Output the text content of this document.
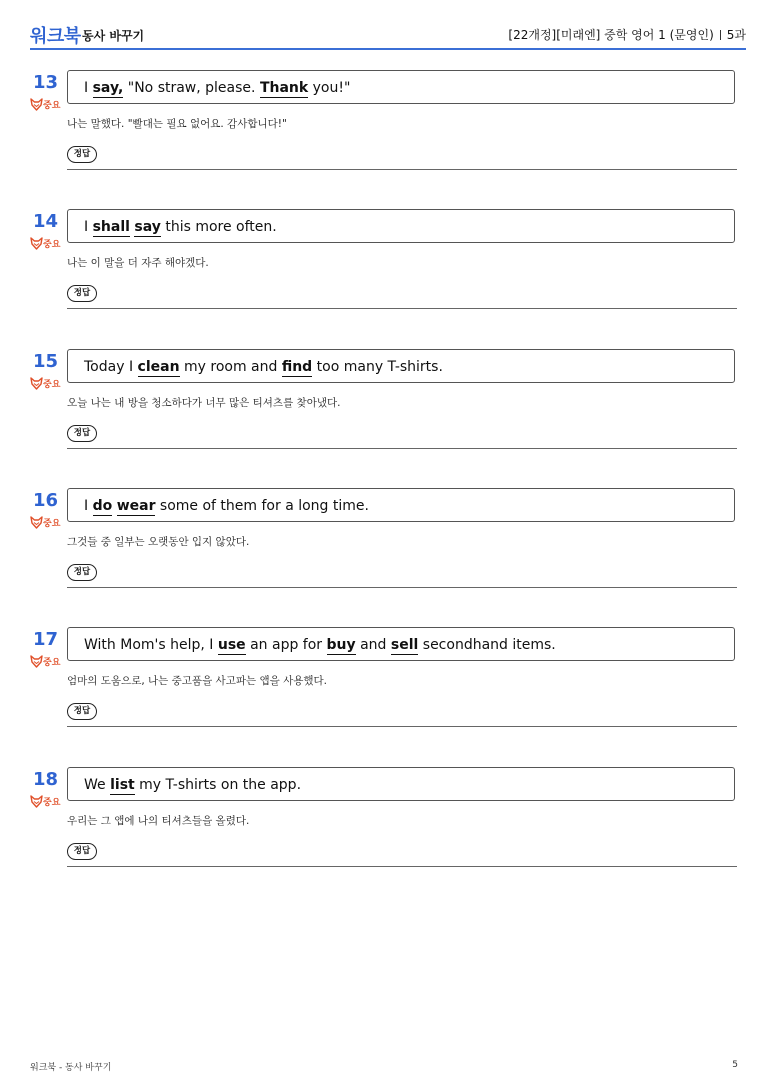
워크북 동사 바꾸기	[22개정][미래엔] 중학 영어 1 (문영인) 5과
13
중요
I say, "No straw, please. Thank you!"
나는 말했다. "빨대는 필요 없어요. 감사합니다!"
정답
14
중요
I shall say this more often.
나는 이 말을 더 자주 해야겠다.
정답
15
중요
Today I clean my room and find too many T-shirts.
오늘 나는 내 방을 청소하다가 너무 많은 티셔츠를 찾아냈다.
정답
16
중요
I do wear some of them for a long time.
그것들 중 일부는 오랫동안 입지 않았다.
정답
17
중요
With Mom's help, I use an app for buy and sell secondhand items.
엄마의 도움으로, 나는 중고품을 사고파는 앱을 사용했다.
정답
18
중요
We list my T-shirts on the app.
우리는 그 앱에 나의 티셔츠들을 올렸다.
정답
워크북 - 동사 바꾸기	5
